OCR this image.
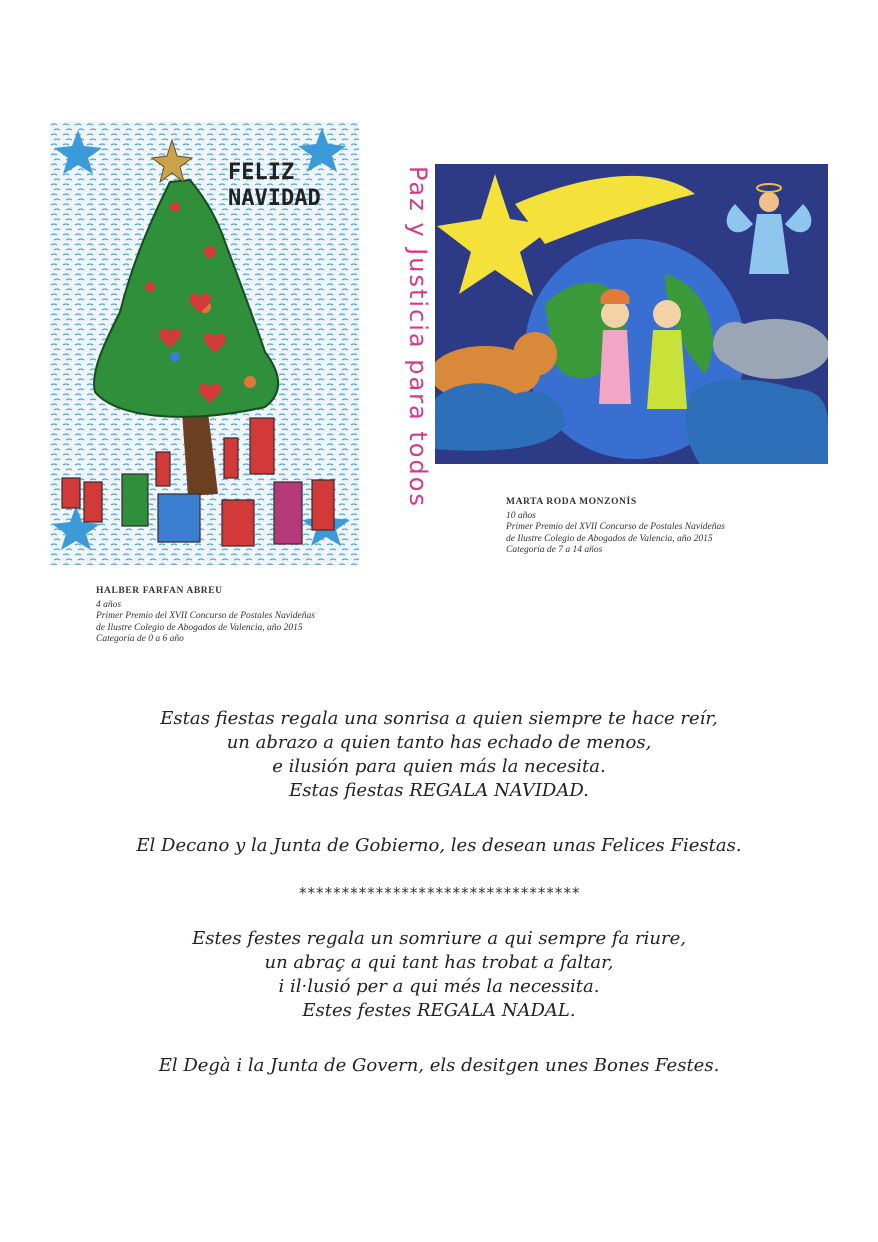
FELIZ NAVIDAD	Paz y Justicia para todos	MARTA RODA MONZONÍS
10 años
Primer Premio del XVII Concurso de Postales Navideñas
de Ilustre Colegio de Abogados de Valencia, año 2015
Categoría de 7 a 14 años
HALBER FARFAN ABREU
4 años
Primer Premio del XVII Concurso de Postales Navideñas
de Ilustre Colegio de Abogados de Valencia, año 2015
Categoría de 0 a 6 año
Estas fiestas regala una sonrisa a quien siempre te hace reír,
un abrazo a quien tanto has echado de menos,
e ilusión para quien más la necesita.
Estas fiestas REGALA NAVIDAD.
El Decano y la Junta de Gobierno, les desean unas Felices Fiestas.
*********************************
Estes festes regala un somriure a qui sempre fa riure,
un abraç a qui tant has trobat a faltar,
i il·lusió per a qui més la necessita.
Estes festes REGALA NADAL.
El Degà i la Junta de Govern, els desitgen unes Bones Festes.
